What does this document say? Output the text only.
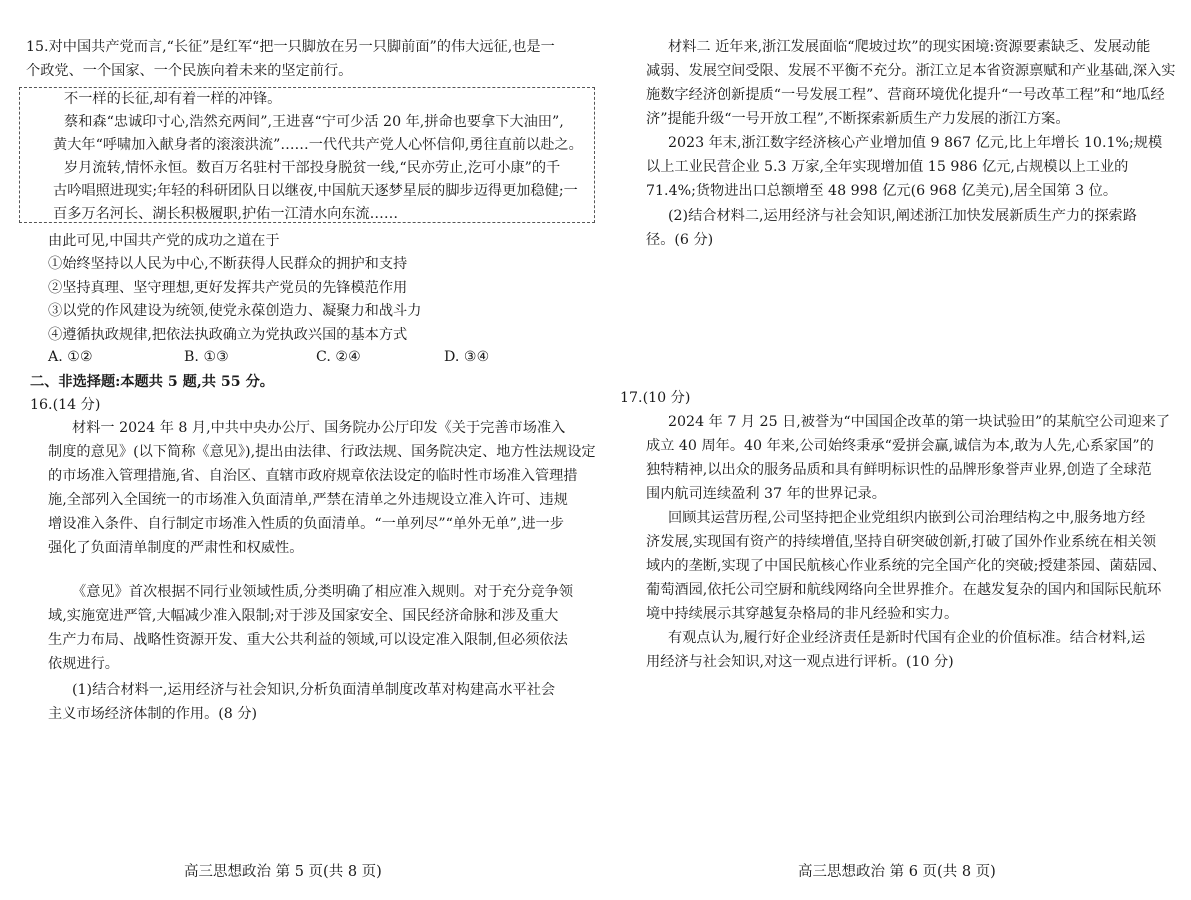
15.对中国共产党而言,“长征”是红军“把一只脚放在另一只脚前面”的伟大远征,也是一
个政党、一个国家、一个民族向着未来的坚定前行。
不一样的长征,却有着一样的冲锋。
蔡和森“忠诚印寸心,浩然充两间”,王进喜“宁可少活 20 年,拼命也要拿下大油田”,
黄大年“呼啸加入献身者的滚滚洪流”……一代代共产党人心怀信仰,勇往直前以赴之。
岁月流转,情怀永恒。数百万名驻村干部投身脱贫一线,“民亦劳止,汔可小康”的千
古吟唱照进现实;年轻的科研团队日以继夜,中国航天逐梦星辰的脚步迈得更加稳健;一
百多万名河长、湖长积极履职,护佑一江清水向东流……
由此可见,中国共产党的成功之道在于
①始终坚持以人民为中心,不断获得人民群众的拥护和支持
②坚持真理、坚守理想,更好发挥共产党员的先锋模范作用
③以党的作风建设为统领,使党永葆创造力、凝聚力和战斗力
④遵循执政规律,把依法执政确立为党执政兴国的基本方式
A. ①②	B. ①③	C. ②④	D. ③④
二、非选择题:本题共 5 题,共 55 分。
16.(14 分)
材料一 2024 年 8 月,中共中央办公厅、国务院办公厅印发《关于完善市场准入
制度的意见》(以下简称《意见》),提出由法律、行政法规、国务院决定、地方性法规设定
的市场准入管理措施,省、自治区、直辖市政府规章依法设定的临时性市场准入管理措
施,全部列入全国统一的市场准入负面清单,严禁在清单之外违规设立准入许可、违规
增设准入条件、自行制定市场准入性质的负面清单。“一单列尽”“单外无单”,进一步
强化了负面清单制度的严肃性和权威性。
《意见》首次根据不同行业领域性质,分类明确了相应准入规则。对于充分竞争领
域,实施宽进严管,大幅减少准入限制;对于涉及国家安全、国民经济命脉和涉及重大
生产力布局、战略性资源开发、重大公共利益的领域,可以设定准入限制,但必须依法
依规进行。
(1)结合材料一,运用经济与社会知识,分析负面清单制度改革对构建高水平社会
主义市场经济体制的作用。(8 分)
高三思想政治 第 5 页(共 8 页)
材料二 近年来,浙江发展面临“爬坡过坎”的现实困境:资源要素缺乏、发展动能
减弱、发展空间受限、发展不平衡不充分。浙江立足本省资源禀赋和产业基础,深入实
施数字经济创新提质“一号发展工程”、营商环境优化提升“一号改革工程”和“地瓜经
济”提能升级“一号开放工程”,不断探索新质生产力发展的浙江方案。
2023 年末,浙江数字经济核心产业增加值 9 867 亿元,比上年增长 10.1%;规模
以上工业民营企业 5.3 万家,全年实现增加值 15 986 亿元,占规模以上工业的
71.4%;货物进出口总额增至 48 998 亿元(6 968 亿美元),居全国第 3 位。
(2)结合材料二,运用经济与社会知识,阐述浙江加快发展新质生产力的探索路
径。(6 分)
17.(10 分)
2024 年 7 月 25 日,被誉为“中国国企改革的第一块试验田”的某航空公司迎来了
成立 40 周年。40 年来,公司始终秉承“爱拼会赢,诚信为本,敢为人先,心系家国”的
独特精神,以出众的服务品质和具有鲜明标识性的品牌形象誉声业界,创造了全球范
围内航司连续盈利 37 年的世界记录。
回顾其运营历程,公司坚持把企业党组织内嵌到公司治理结构之中,服务地方经
济发展,实现国有资产的持续增值,坚持自研突破创新,打破了国外作业系统在相关领
域内的垄断,实现了中国民航核心作业系统的完全国产化的突破;授建茶园、菌菇园、
葡萄酒园,依托公司空厨和航线网络向全世界推介。在越发复杂的国内和国际民航环
境中持续展示其穿越复杂格局的非凡经验和实力。
有观点认为,履行好企业经济责任是新时代国有企业的价值标准。结合材料,运
用经济与社会知识,对这一观点进行评析。(10 分)
高三思想政治 第 6 页(共 8 页)
